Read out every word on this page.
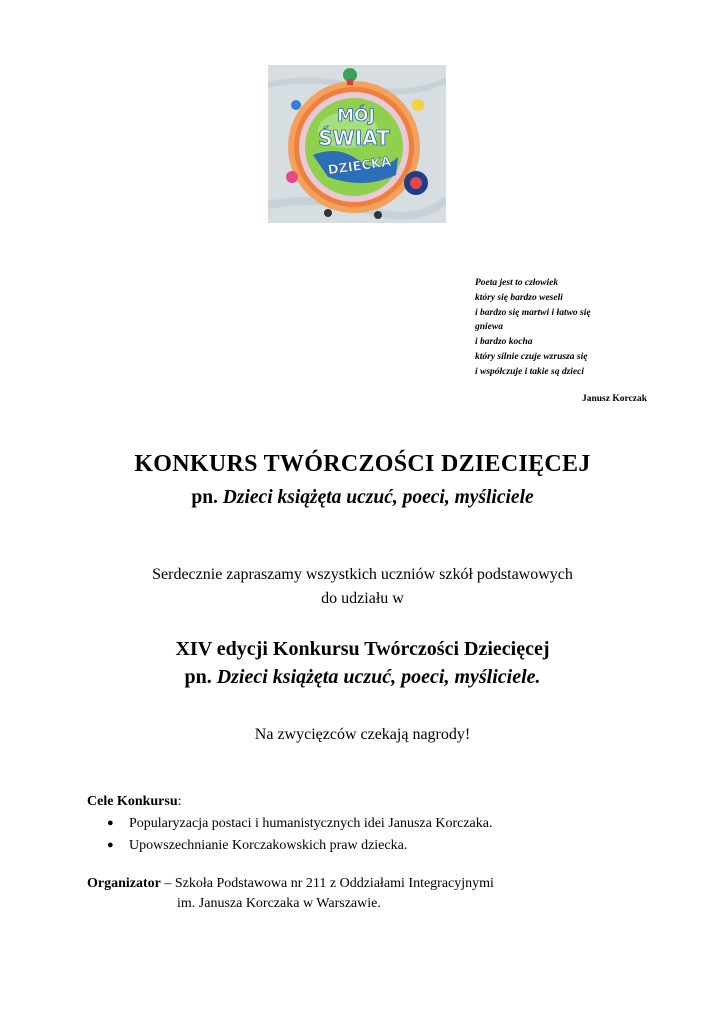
MÓJ
ŚWIAT
DZIECKA
Poeta jest to człowiek
który się bardzo weseli
i bardzo się martwi i łatwo się
gniewa
i bardzo kocha
który silnie czuje wzrusza się
i współczuje i takie są dzieci
Janusz Korczak
KONKURS TWÓRCZOŚCI DZIECIĘCEJ
pn. Dzieci książęta uczuć, poeci, myśliciele
Serdecznie zapraszamy wszystkich uczniów szkół podstawowych
do udziału w
XIV edycji Konkursu Twórczości Dziecięcej
pn. Dzieci książęta uczuć, poeci, myśliciele.
Na zwycięzców czekają nagrody!
Cele Konkursu:
● Popularyzacja postaci i humanistycznych idei Janusza Korczaka.
● Upowszechnianie Korczakowskich praw dziecka.
Organizator – Szkoła Podstawowa nr 211 z Oddziałami Integracyjnymi
im. Janusza Korczaka w Warszawie.
